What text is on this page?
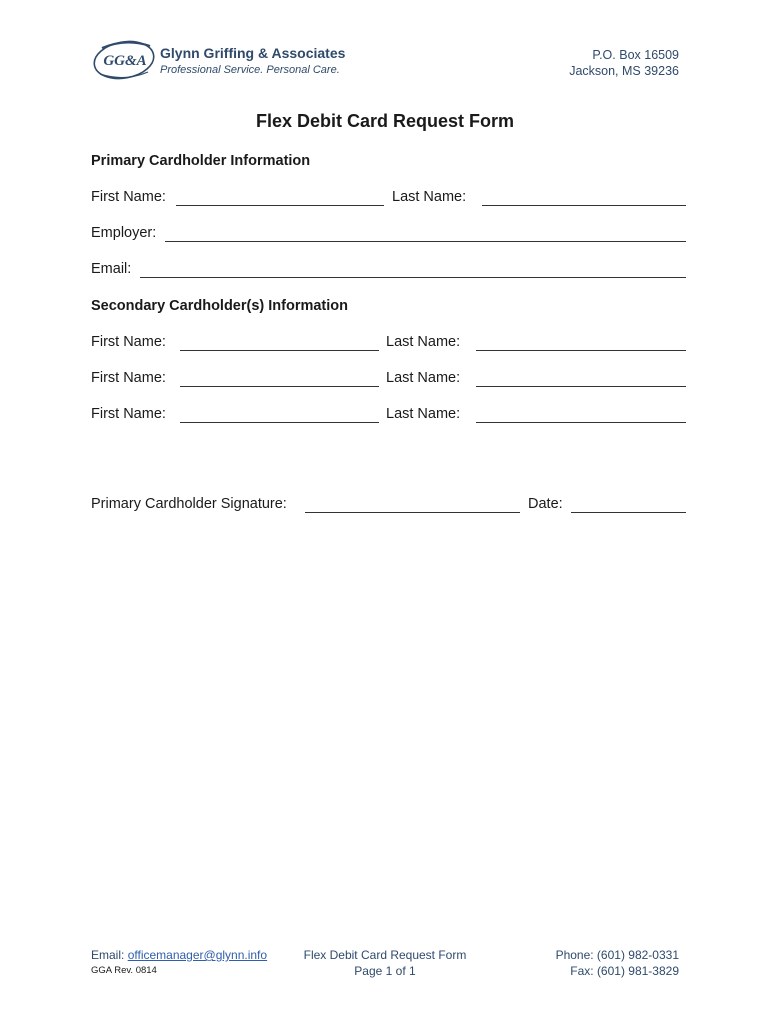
GG&A Glynn Griffing & Associates
Professional Service. Personal Care.
P.O. Box 16509
Jackson, MS 39236
Flex Debit Card Request Form
Primary Cardholder Information
First Name:	Last Name:
Employer:
Email:
Secondary Cardholder(s) Information
First Name:	Last Name:
First Name:	Last Name:
First Name:	Last Name:
Primary Cardholder Signature:	Date:
Email: officemanager@glynn.info
GGA Rev. 0814
Flex Debit Card Request Form
Page 1 of 1
Phone: (601) 982-0331
Fax: (601) 981-3829
